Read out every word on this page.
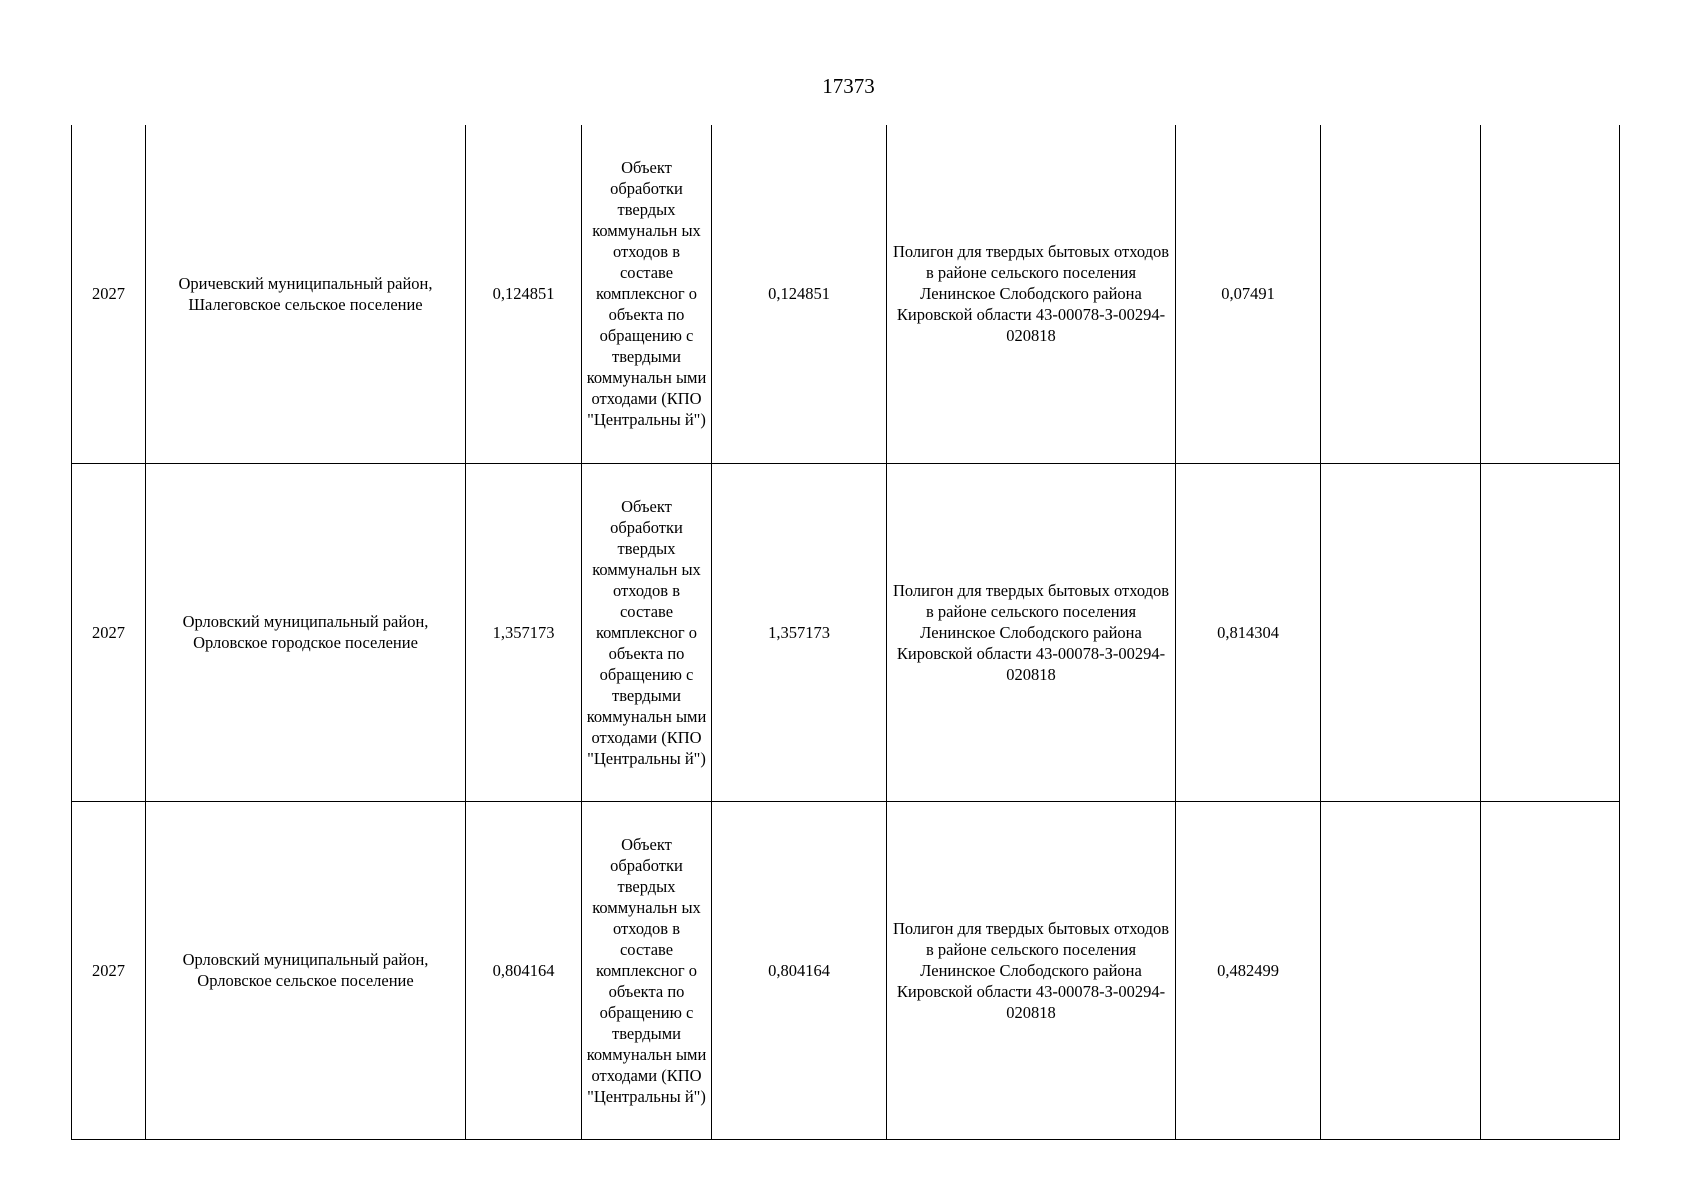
17373
2027	Оричевский муниципальный район, Шалеговское сельское поселение	0,124851	Объект обработки твердых коммунальн ых отходов в составе комплексног о объекта по обращению с твердыми коммунальн ыми отходами (КПО "Центральны й")	0,124851	Полигон для твердых бытовых отходов в районе сельского поселения Ленинское Слободского района Кировской области 43-00078-З-00294-020818	0,07491		
2027	Орловский муниципальный район, Орловское городское поселение	1,357173	Объект обработки твердых коммунальн ых отходов в составе комплексног о объекта по обращению с твердыми коммунальн ыми отходами (КПО "Центральны й")	1,357173	Полигон для твердых бытовых отходов в районе сельского поселения Ленинское Слободского района Кировской области 43-00078-З-00294-020818	0,814304		
2027	Орловский муниципальный район, Орловское сельское поселение	0,804164	Объект обработки твердых коммунальн ых отходов в составе комплексног о объекта по обращению с твердыми коммунальн ыми отходами (КПО "Центральны й")	0,804164	Полигон для твердых бытовых отходов в районе сельского поселения Ленинское Слободского района Кировской области 43-00078-З-00294-020818	0,482499		
